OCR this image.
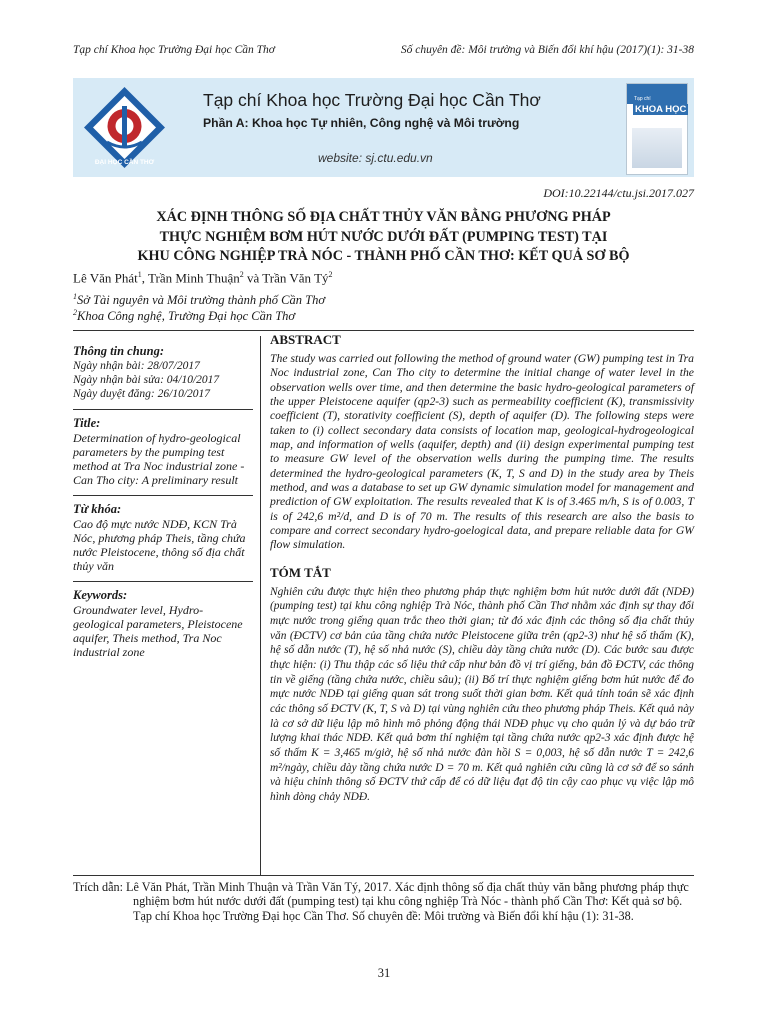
Tạp chí Khoa học Trường Đại học Cần Thơ	Số chuyên đề: Môi trường và Biến đổi khí hậu (2017)(1): 31-38
ĐẠI HỌC CẦN THƠ
Tạp chí Khoa học Trường Đại học Cần Thơ
Phần A: Khoa học Tự nhiên, Công nghệ và Môi trường
website: sj.ctu.edu.vn
Tạp chí
KHOA HỌC
DOI:10.22144/ctu.jsi.2017.027
XÁC ĐỊNH THÔNG SỐ ĐỊA CHẤT THỦY VĂN BẰNG PHƯƠNG PHÁP
THỰC NGHIỆM BƠM HÚT NƯỚC DƯỚI ĐẤT (PUMPING TEST) TẠI
KHU CÔNG NGHIỆP TRÀ NÓC - THÀNH PHỐ CẦN THƠ: KẾT QUẢ SƠ BỘ
Lê Văn Phát$^1$, Trần Minh Thuận$^2$ và Trần Văn $Tý^2$
$^1$Sở Tài nguyên và Môi trường thành phố Cần Thơ
$^2$Khoa Công nghệ, Trường Đại học Cần Thơ
Thông tin chung:
Ngày nhận bài: 28/07/2017
Ngày nhận bài sửa: 04/10/2017
Ngày duyệt đăng: 26/10/2017
Title:
Determination of hydro-geological parameters by the pumping test method at Tra Noc industrial zone - Can Tho city: A preliminary result
Từ khóa:
Cao độ mực nước NDĐ, KCN Trà Nóc, phương pháp Theis, tầng chứa nước Pleistocene, thông số địa chất thủy văn
Keywords:
Groundwater level, Hydro-geological parameters, Pleistocene aquifer, Theis method, Tra Noc industrial zone
ABSTRACT
The study was carried out following the method of ground water (GW) pumping test in Tra Noc industrial zone, Can Tho city to determine the initial change of water level in the observation wells over time, and then determine the basic hydro-geological parameters of the upper Pleistocene aquifer (qp2-3) such as permeability coefficient (K), transmissivity coefficient (T), storativity coefficient (S), depth of aquifer (D). The following steps were taken to (i) collect secondary data consists of location map, geological-hydrogeological map, and information of wells (aquifer, depth) and (ii) design experimental pumping test to measure GW level of the observation wells during the pumping time. The results determined the hydro-geological parameters (K, T, S and D) in the study area by Theis method, and was a database to set up GW dynamic simulation model for management and prediction of GW exploitation. The results revealed that K is of 3.465 m/h, S is of 0.003, T is of 242,6 m²/d, and D is of 70 m. The results of this research are also the basis to compare and correct secondary hydro-goelogical data, and prepare reliable data for GW flow simulation.
TÓM TẮT
Nghiên cứu được thực hiện theo phương pháp thực nghiệm bơm hút nước dưới đất (NDĐ) (pumping test) tại khu công nghiệp Trà Nóc, thành phố Cần Thơ nhằm xác định sự thay đổi mực nước trong giếng quan trắc theo thời gian; từ đó xác định các thông số địa chất thủy văn (ĐCTV) cơ bản của tầng chứa nước Pleistocene giữa trên (qp2-3) như hệ số thấm (K), hệ số dẫn nước (T), hệ số nhả nước (S), chiều dày tầng chứa nước (D). Các bước sau được thực hiện: (i) Thu thập các số liệu thứ cấp như bản đồ vị trí giếng, bản đồ ĐCTV, các thông tin về giếng (tầng chứa nước, chiều sâu); (ii) Bố trí thực nghiệm giếng bơm hút nước để đo mực nước NDĐ tại giếng quan sát trong suốt thời gian bơm. Kết quả tính toán sẽ xác định các thông số ĐCTV (K, T, S và D) tại vùng nghiên cứu theo phương pháp Theis. Kết quả này là cơ sở dữ liệu lập mô hình mô phỏng động thái NDĐ phục vụ cho quản lý và dự báo trữ lượng khai thác NDĐ. Kết quả bơm thí nghiệm tại tầng chứa nước qp2-3 xác định được hệ số thấm K = 3,465 m/giờ, hệ số nhả nước đàn hồi S = 0,003, hệ số dẫn nước T = 242,6 m²/ngày, chiều dày tầng chứa nước D = 70 m. Kết quả nghiên cứu cũng là cơ sở để so sánh và hiệu chỉnh thông số ĐCTV thứ cấp để có dữ liệu đạt độ tin cậy cao phục vụ việc lập mô hình dòng chảy NDĐ.
Trích dẫn: Lê Văn Phát, Trần Minh Thuận và Trần Văn Tý, 2017. Xác định thông số địa chất thủy văn bằng phương pháp thực nghiệm bơm hút nước dưới đất (pumping test) tại khu công nghiệp Trà Nóc - thành phố Cần Thơ: Kết quả sơ bộ. Tạp chí Khoa học Trường Đại học Cần Thơ. Số chuyên đề: Môi trường và Biến đổi khí hậu (1): 31-38.
31
